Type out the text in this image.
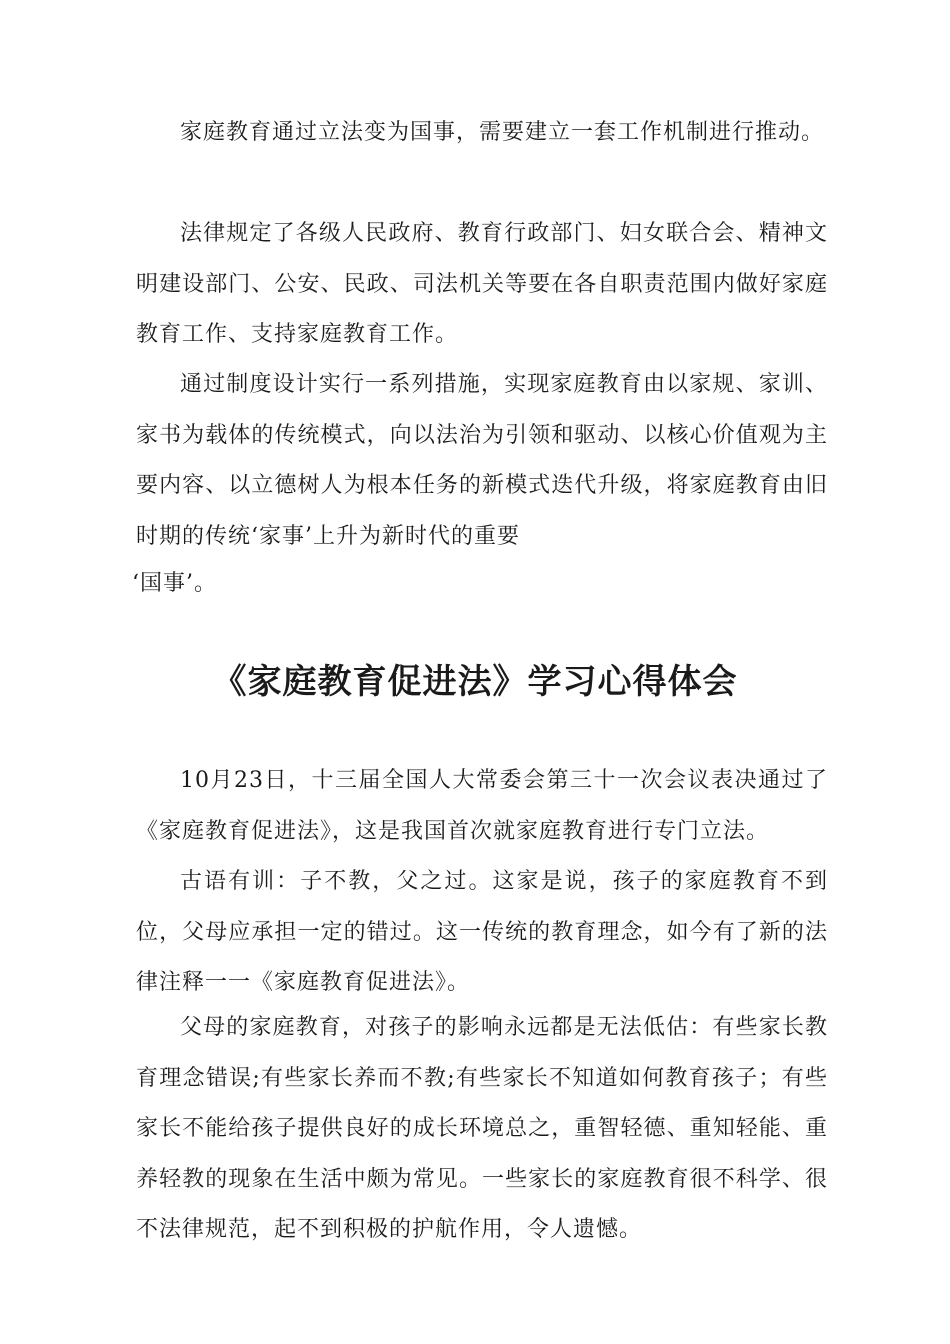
家庭教育通过立法变为国事，需要建立一套工作机制进行推动。

法律规定了各级人民政府、教育行政部门、妇女联合会、精神文明建设部门、公安、民政、司法机关等要在各自职责范围内做好家庭教育工作、支持家庭教育工作。

通过制度设计实行一系列措施，实现家庭教育由以家规、家训、家书为载体的传统模式，向以法治为引领和驱动、以核心价值观为主要内容、以立德树人为根本任务的新模式迭代升级，将家庭教育由旧时期的传统‘家事’上升为新时代的重要

‘国事’。

《家庭教育促进法》学习心得体会

10月23日，十三届全国人大常委会第三十一次会议表决通过了《家庭教育促进法》，这是我国首次就家庭教育进行专门立法。

古语有训：子不教，父之过。这家是说，孩子的家庭教育不到位，父母应承担一定的错过。这一传统的教育理念，如今有了新的法律注释一一《家庭教育促进法》。

父母的家庭教育，对孩子的影响永远都是无法低估：有些家长教育理念错误;有些家长养而不教;有些家长不知道如何教育孩子；有些家长不能给孩子提供良好的成长环境总之，重智轻德、重知轻能、重养轻教的现象在生活中颇为常见。一些家长的家庭教育很不科学、很不法律规范，起不到积极的护航作用，令人遗憾。
